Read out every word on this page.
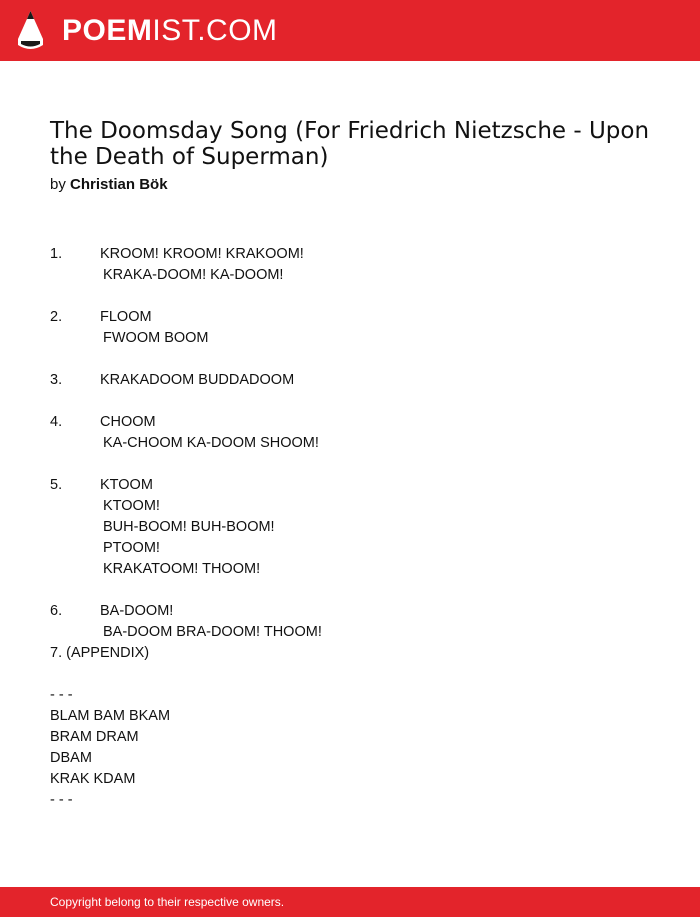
POEMIST.COM
The Doomsday Song (For Friedrich Nietzsche - Upon the Death of Superman)
by Christian Bök
1.	KROOM! KROOM! KRAKOOM!
KRAKA-DOOM! KA-DOOM!
2.	FLOOM
FWOOM BOOM
3.	KRAKADOOM BUDDADOOM
4.	CHOOM
KA-CHOOM KA-DOOM SHOOM!
5.	KTOOM
KTOOM!
BUH-BOOM! BUH-BOOM!
PTOOM!
KRAKATOOM! THOOM!
6.	BA-DOOM!
BA-DOOM BRA-DOOM! THOOM!
7. (APPENDIX)
- - -
BLAM BAM BKAM
BRAM DRAM
DBAM
KRAK KDAM
- - -
Copyright belong to their respective owners.
